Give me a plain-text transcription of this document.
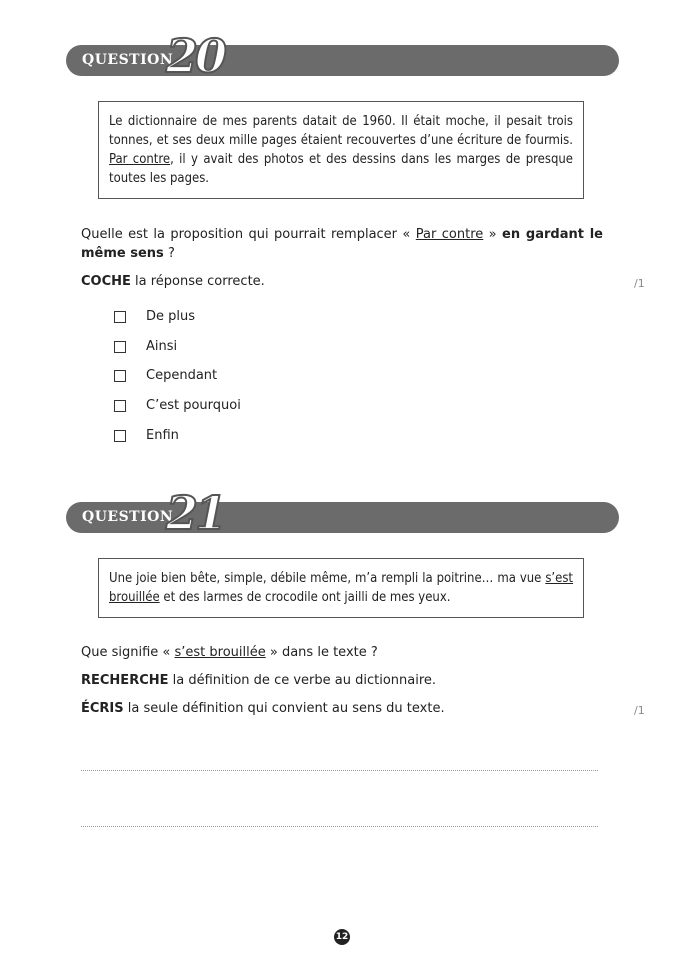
QUESTION
20
Le dictionnaire de mes parents datait de 1960. Il était moche, il pesait trois tonnes, et ses deux mille pages étaient recouvertes d’une écriture de fourmis. Par contre, il y avait des photos et des dessins dans les marges de presque toutes les pages.
Quelle est la proposition qui pourrait remplacer « Par contre » en gardant le même sens ?
COCHE la réponse correcte.	/1
De plus
Ainsi
Cependant
C’est pourquoi
Enfin
QUESTION
21
Une joie bien bête, simple, débile même, m’a rempli la poitrine… ma vue s’est brouillée et des larmes de crocodile ont jailli de mes yeux.
Que signifie « s’est brouillée » dans le texte ?
RECHERCHE la définition de ce verbe au dictionnaire.
ÉCRIS la seule définition qui convient au sens du texte.	/1
12
